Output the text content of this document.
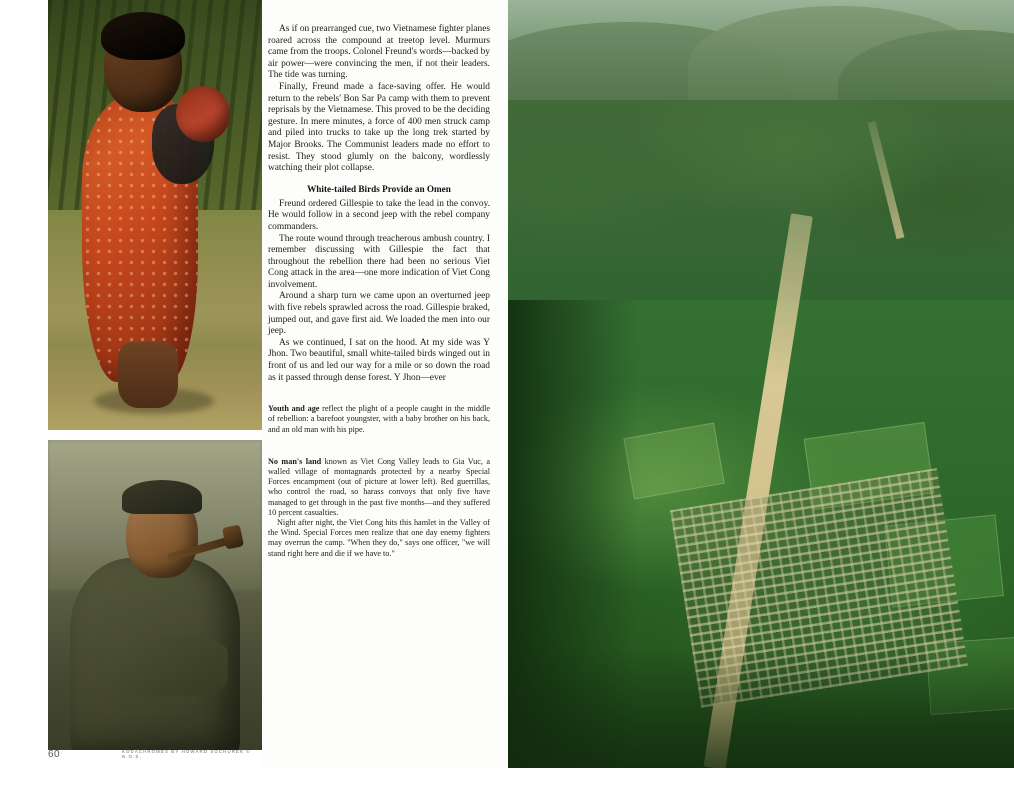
60	KODACHROMES BY HOWARD SOCHUREK © N.G.S.

As if on prearranged cue, two Vietnamese fighter planes roared across the compound at treetop level. Murmurs came from the troops. Colonel Freund's words—backed by air power—were convincing the men, if not their leaders. The tide was turning.

Finally, Freund made a face-saving offer. He would return to the rebels' Bon Sar Pa camp with them to prevent reprisals by the Vietnamese. This proved to be the deciding gesture. In mere minutes, a force of 400 men struck camp and piled into trucks to take up the long trek started by Major Brooks. The Communist leaders made no effort to resist. They stood glumly on the balcony, wordlessly watching their plot collapse.

White-tailed Birds Provide an Omen

Freund ordered Gillespie to take the lead in the convoy. He would follow in a second jeep with the rebel company commanders.

The route wound through treacherous ambush country. I remember discussing with Gillespie the fact that throughout the rebellion there had been no serious Viet Cong attack in the area—one more indication of Viet Cong involvement.

Around a sharp turn we came upon an overturned jeep with five rebels sprawled across the road. Gillespie braked, jumped out, and gave first aid. We loaded the men into our jeep.

As we continued, I sat on the hood. At my side was Y Jhon. Two beautiful, small white-tailed birds winged out in front of us and led our way for a mile or so down the road as it passed through dense forest. Y Jhon—ever

Youth and age reflect the plight of a people caught in the middle of rebellion: a barefoot youngster, with a baby brother on his back, and an old man with his pipe.
No man's land known as Viet Cong Valley leads to Gia Vuc, a walled village of montagnards protected by a nearby Special Forces encampment (out of picture at lower left). Red guerrillas, who control the road, so harass convoys that only five have managed to get through in the past five months—and they suffered 10 percent casualties.

Night after night, the Viet Cong hits this hamlet in the Valley of the Wind. Special Forces men realize that one day enemy fighters may overrun the camp. "When they do," says one officer, "we will stand right here and die if we have to."
